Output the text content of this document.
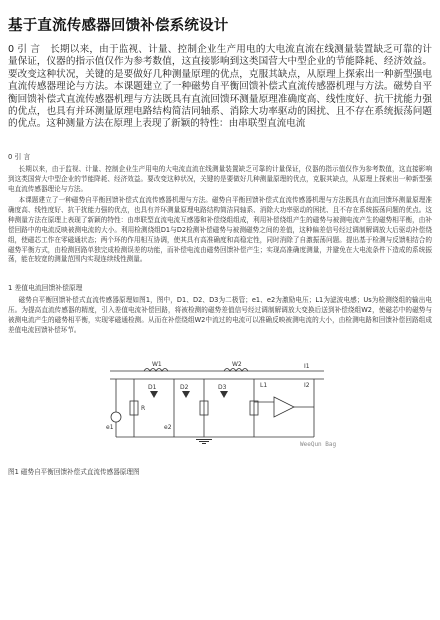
基于直流传感器回馈补偿系统设计
0 引 言 长期以来，由于监视、计量、控制企业生产用电的大电流直流在线测量装置缺乏可靠的计量保证，仪器的指示值仅作为参考数值，这直接影响到这类国营大中型企业的节能降耗、经济效益。要改变这种状况，关键的是要做好几种测量原理的优点，克服其缺点，从原理上探索出一种新型强电直流传感器理论与方法。本课题建立了一种磁势自平衡回馈补偿式直流传感器机理与方法。磁势自平衡回馈补偿式直流传感器机理与方法既具有直流回馈环测量原理准确度高、线性度好、抗干扰能力强的优点，也具有并环测量原理电路结构简洁同轴系、消除大功率驱动的困扰、且不存在系统振荡问题的优点。这种测量方法在原理上表现了新颖的特性：由串联型直流电流
0 引 言
长期以来，由于监视、计量、控制企业生产用电的大电流直流在线测量装置缺乏可靠的计量保证，仪器的指示值仅作为参考数值，这直接影响到这类国营大中型企业的节能降耗、经济效益。要改变这种状况，关键的是要做好几种测量原理的优点，克服其缺点，从原理上探索出一种新型强电直流传感器理论与方法。
本课题建立了一种磁势自平衡回馈补偿式直流传感器机理与方法。磁势自平衡回馈补偿式直流传感器机理与方法既具有直流回馈环测量原理准确度高、线性度好、抗干扰能力强的优点，也具有并环测量原理电路结构简洁同轴系、消除大功率驱动的困扰、且不存在系统振荡问题的优点。这种测量方法在原理上表现了新颖的特性：由串联型直流电流互感器和补偿绕组组成，利用补偿绕组产生的磁势与被测电流产生的磁势相平衡，由补偿回路中的电流反映被测电流的大小。利用检测绕组D1与D2检测补偿磁势与被测磁势之间的差值，这种偏差信号经过调制解调放大后驱动补偿绕组，使磁芯工作在零磁通状态；两个环的作用相互协调，使其具有高准确度和高稳定性，同时消除了自激振荡问题。提出基于检测与反馈相结合的磁势平衡方式，由检测回路单独完成检测误差的功能，而补偿电流由磁势回馈补偿产生；实现高准确度测量，并避免在大电流条件下造成的系统振荡，能在较宽的测量范围内实现连续线性测量。
1 差值电流回馈补偿原理
磁势自平衡回馈补偿式直流传感器原理如图1，图中，D1、D2、D3为二极管；e1、e2为激励电压；L1为滤波电感；Us为检测绕组的输出电压。为提高直流传感器的精度，引入差值电流补偿回路，将被检测的磁势差值信号经过调制解调放大变换后送到补偿绕组W2，使磁芯中的磁势与被测电流产生的磁势相平衡，实现零磁通检测。从而在补偿绕组W2中流过的电流可以准确反映被测电流的大小，由检测电路和回馈补偿回路组成差值电流回馈补偿环节。
W1	W2
D1	D2	D3	L1
e1	e2
I1
I2
R
WeeQun Bag
图1 磁势自平衡回馈补偿式直流传感器原理图
